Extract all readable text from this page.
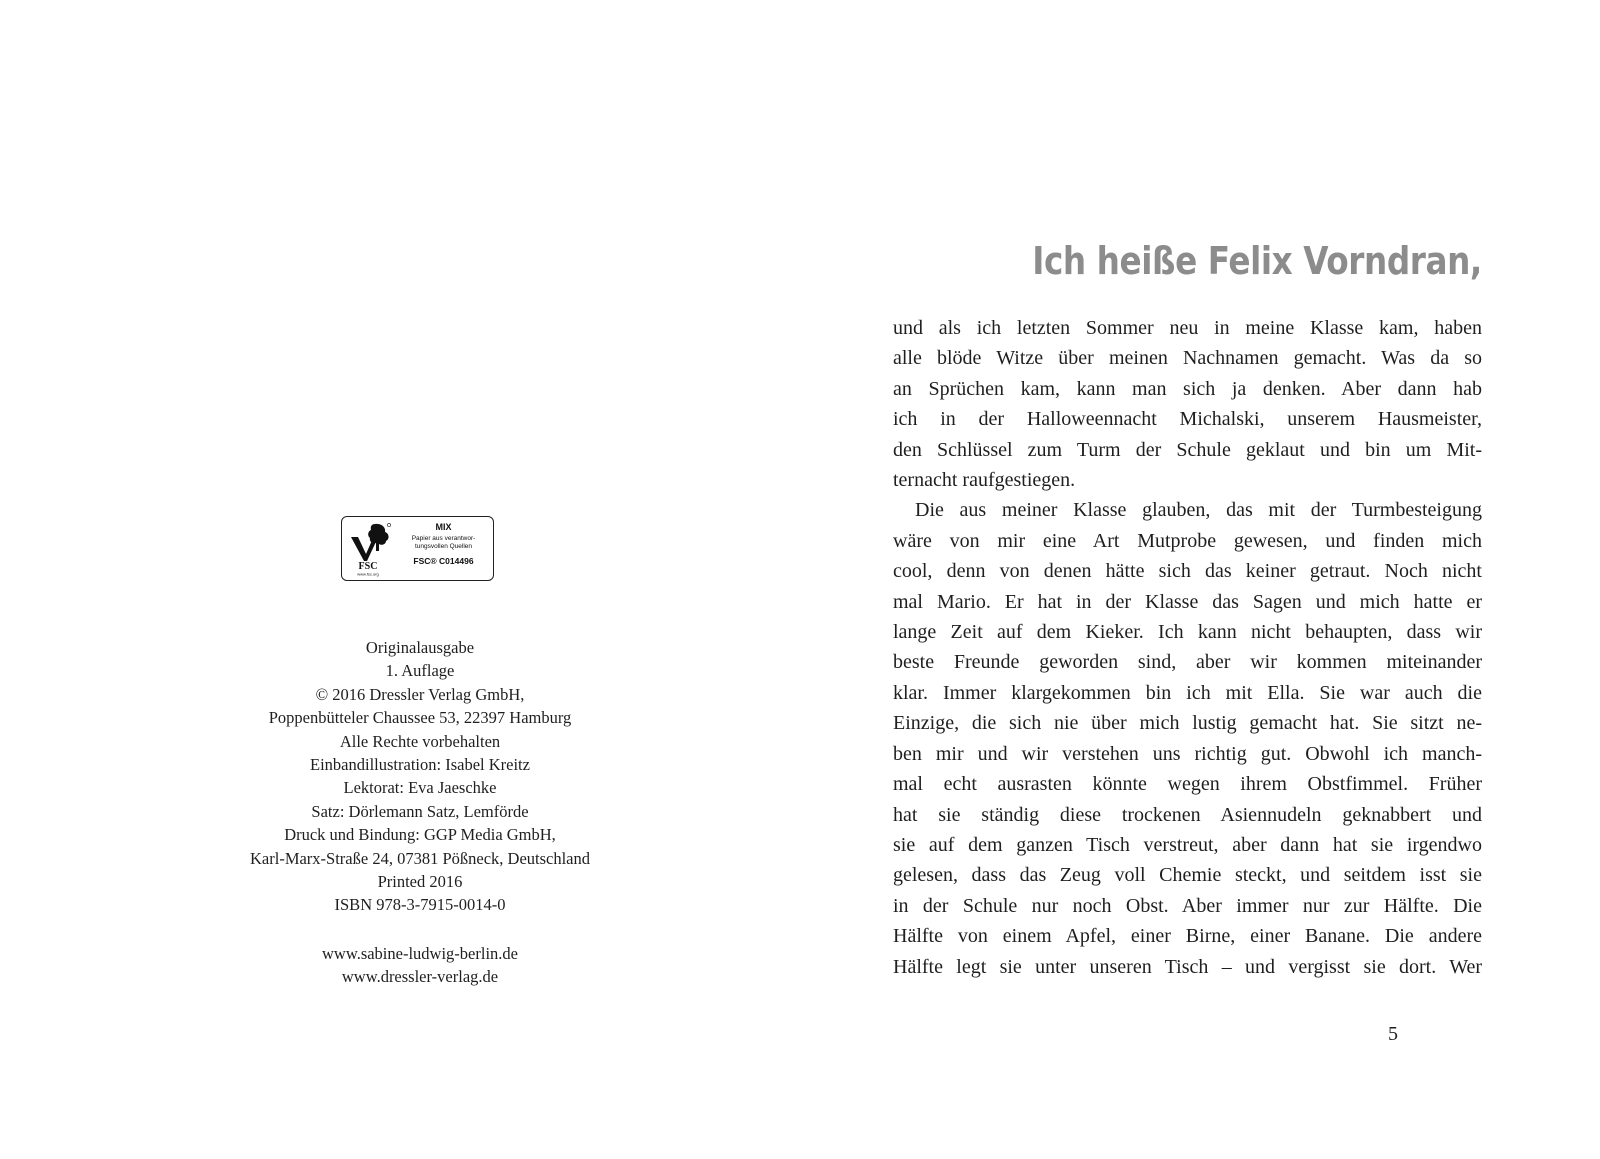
FSC
www.fsc.org
MIX
Papier aus verantwor-tungsvollen Quellen
FSC® C014496
Originalausgabe
1. Auflage
© 2016 Dressler Verlag GmbH,
Poppenbütteler Chaussee 53, 22397 Hamburg
Alle Rechte vorbehalten
Einbandillustration: Isabel Kreitz
Lektorat: Eva Jaeschke
Satz: Dörlemann Satz, Lemförde
Druck und Bindung: GGP Media GmbH,
Karl-Marx-Straße 24, 07381 Pößneck, Deutschland
Printed 2016
ISBN 978-3-7915-0014-0
www.sabine-ludwig-berlin.de
www.dressler-verlag.de
Ich heiße Felix Vorndran,
und als ich letzten Sommer neu in meine Klasse kam, haben
alle blöde Witze über meinen Nachnamen gemacht. Was da so
an Sprüchen kam, kann man sich ja denken. Aber dann hab
ich in der Halloweennacht Michalski, unserem Hausmeister,
den Schlüssel zum Turm der Schule geklaut und bin um Mit-
ternacht raufgestiegen.
Die aus meiner Klasse glauben, das mit der Turmbesteigung
wäre von mir eine Art Mutprobe gewesen, und finden mich
cool, denn von denen hätte sich das keiner getraut. Noch nicht
mal Mario. Er hat in der Klasse das Sagen und mich hatte er
lange Zeit auf dem Kieker. Ich kann nicht behaupten, dass wir
beste Freunde geworden sind, aber wir kommen miteinander
klar. Immer klargekommen bin ich mit Ella. Sie war auch die
Einzige, die sich nie über mich lustig gemacht hat. Sie sitzt ne-
ben mir und wir verstehen uns richtig gut. Obwohl ich manch-
mal echt ausrasten könnte wegen ihrem Obstfimmel. Früher
hat sie ständig diese trockenen Asiennudeln geknabbert und
sie auf dem ganzen Tisch verstreut, aber dann hat sie irgendwo
gelesen, dass das Zeug voll Chemie steckt, und seitdem isst sie
in der Schule nur noch Obst. Aber immer nur zur Hälfte. Die
Hälfte von einem Apfel, einer Birne, einer Banane. Die andere
Hälfte legt sie unter unseren Tisch – und vergisst sie dort. Wer
5
